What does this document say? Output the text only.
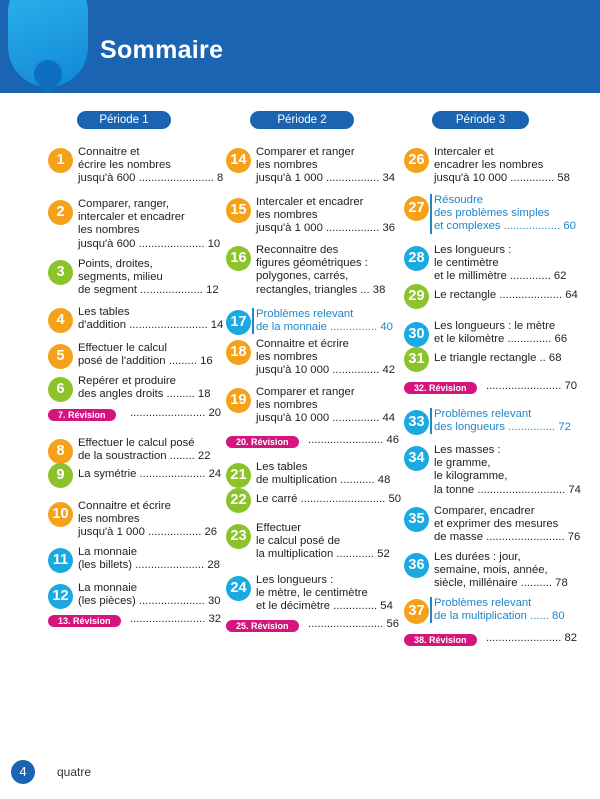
Sommaire
Période 1	Période 2	Période 3
1	Connaitre et
écrire les nombres
jusqu'à 600 ........................ 8
2	Comparer, ranger,
intercaler et encadrer
les nombres
jusqu'à 600 ..................... 10
3	Points, droites,
segments, milieu
de segment .................... 12
4	Les tables
d'addition ......................... 14
5	Effectuer le calcul
posé de l'addition ......... 16
6	Repérer et produire
des angles droits ......... 18
7. Révision	........................ 20
8	Effectuer le calcul posé
de la soustraction ........ 22
9	La symétrie ..................... 24
10 Connaitre et écrire
les nombres
jusqu'à 1 000 ................. 26
11 La monnaie
(les billets) ...................... 28
12 La monnaie
(les pièces) ..................... 30
13. Révision	........................ 32
14 Comparer et ranger
les nombres
jusqu'à 1 000 ................. 34
15 Intercaler et encadrer
les nombres
jusqu'à 1 000 ................. 36
16 Reconnaitre des
figures géométriques :
polygones, carrés,
rectangles, triangles ... 38
17 Problèmes relevant
de la monnaie ............... 40
18 Connaitre et écrire
les nombres
jusqu'à 10 000 ............... 42
19 Comparer et ranger
les nombres
jusqu'à 10 000 ............... 44
20. Révision	........................ 46
21 Les tables
de multiplication ........... 48
22 Le carré ........................... 50
23 Effectuer
le calcul posé de
la multiplication ............ 52
24 Les longueurs :
le mètre, le centimètre
et le décimètre .............. 54
25. Révision	........................ 56
26 Intercaler et
encadrer les nombres
jusqu'à 10 000 .............. 58
27 Résoudre
des problèmes simples
et complexes .................. 60
28 Les longueurs :
le centimètre
et le millimètre ............. 62
29 Le rectangle .................... 64
30 Les longueurs : le mètre
et le kilomètre .............. 66
31 Le triangle rectangle .. 68
32. Révision	........................ 70
33 Problèmes relevant
des longueurs ............... 72
34 Les masses :
le gramme,
le kilogramme,
la tonne ............................ 74
35 Comparer, encadrer
et exprimer des mesures
de masse ......................... 76
36 Les durées : jour,
semaine, mois, année,
siècle, millénaire .......... 78
37 Problèmes relevant
de la multiplication ...... 80
38. Révision	........................ 82
4	quatre
